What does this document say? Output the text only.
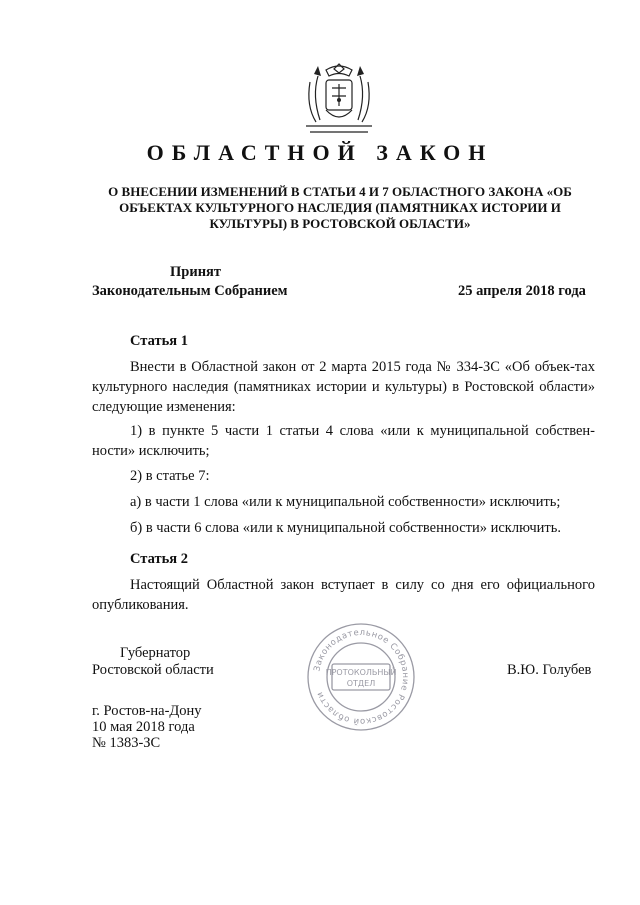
ОБЛАСТНОЙ ЗАКОН
О ВНЕСЕНИИ ИЗМЕНЕНИЙ В СТАТЬИ 4 И 7 ОБЛАСТНОГО ЗАКОНА «ОБ
ОБЪЕКТАХ КУЛЬТУРНОГО НАСЛЕДИЯ (ПАМЯТНИКАХ ИСТОРИИ И
КУЛЬТУРЫ) В РОСТОВСКОЙ ОБЛАСТИ»
Принят
Законодательным Собранием	25 апреля 2018 года
Статья 1
Внести в Областной закон от 2 марта 2015 года № 334-ЗС «Об объек-тах культурного наследия (памятниках истории и культуры) в Ростовской области» следующие изменения:
1) в пункте 5 части 1 статьи 4 слова «или к муниципальной собствен-ности» исключить;
2) в статье 7:
а) в части 1 слова «или к муниципальной собственности» исключить;
б) в части 6 слова «или к муниципальной собственности» исключить.
Статья 2
Настоящий Областной закон вступает в силу со дня его официального опубликования.
Губернатор
Ростовской области	В.Ю. Голубев
г. Ростов-на-Дону
10 мая 2018 года
№ 1383-ЗС
Законодательное Собрание Ростовской области
ПРОТОКОЛЬНЫЙ
ОТДЕЛ
